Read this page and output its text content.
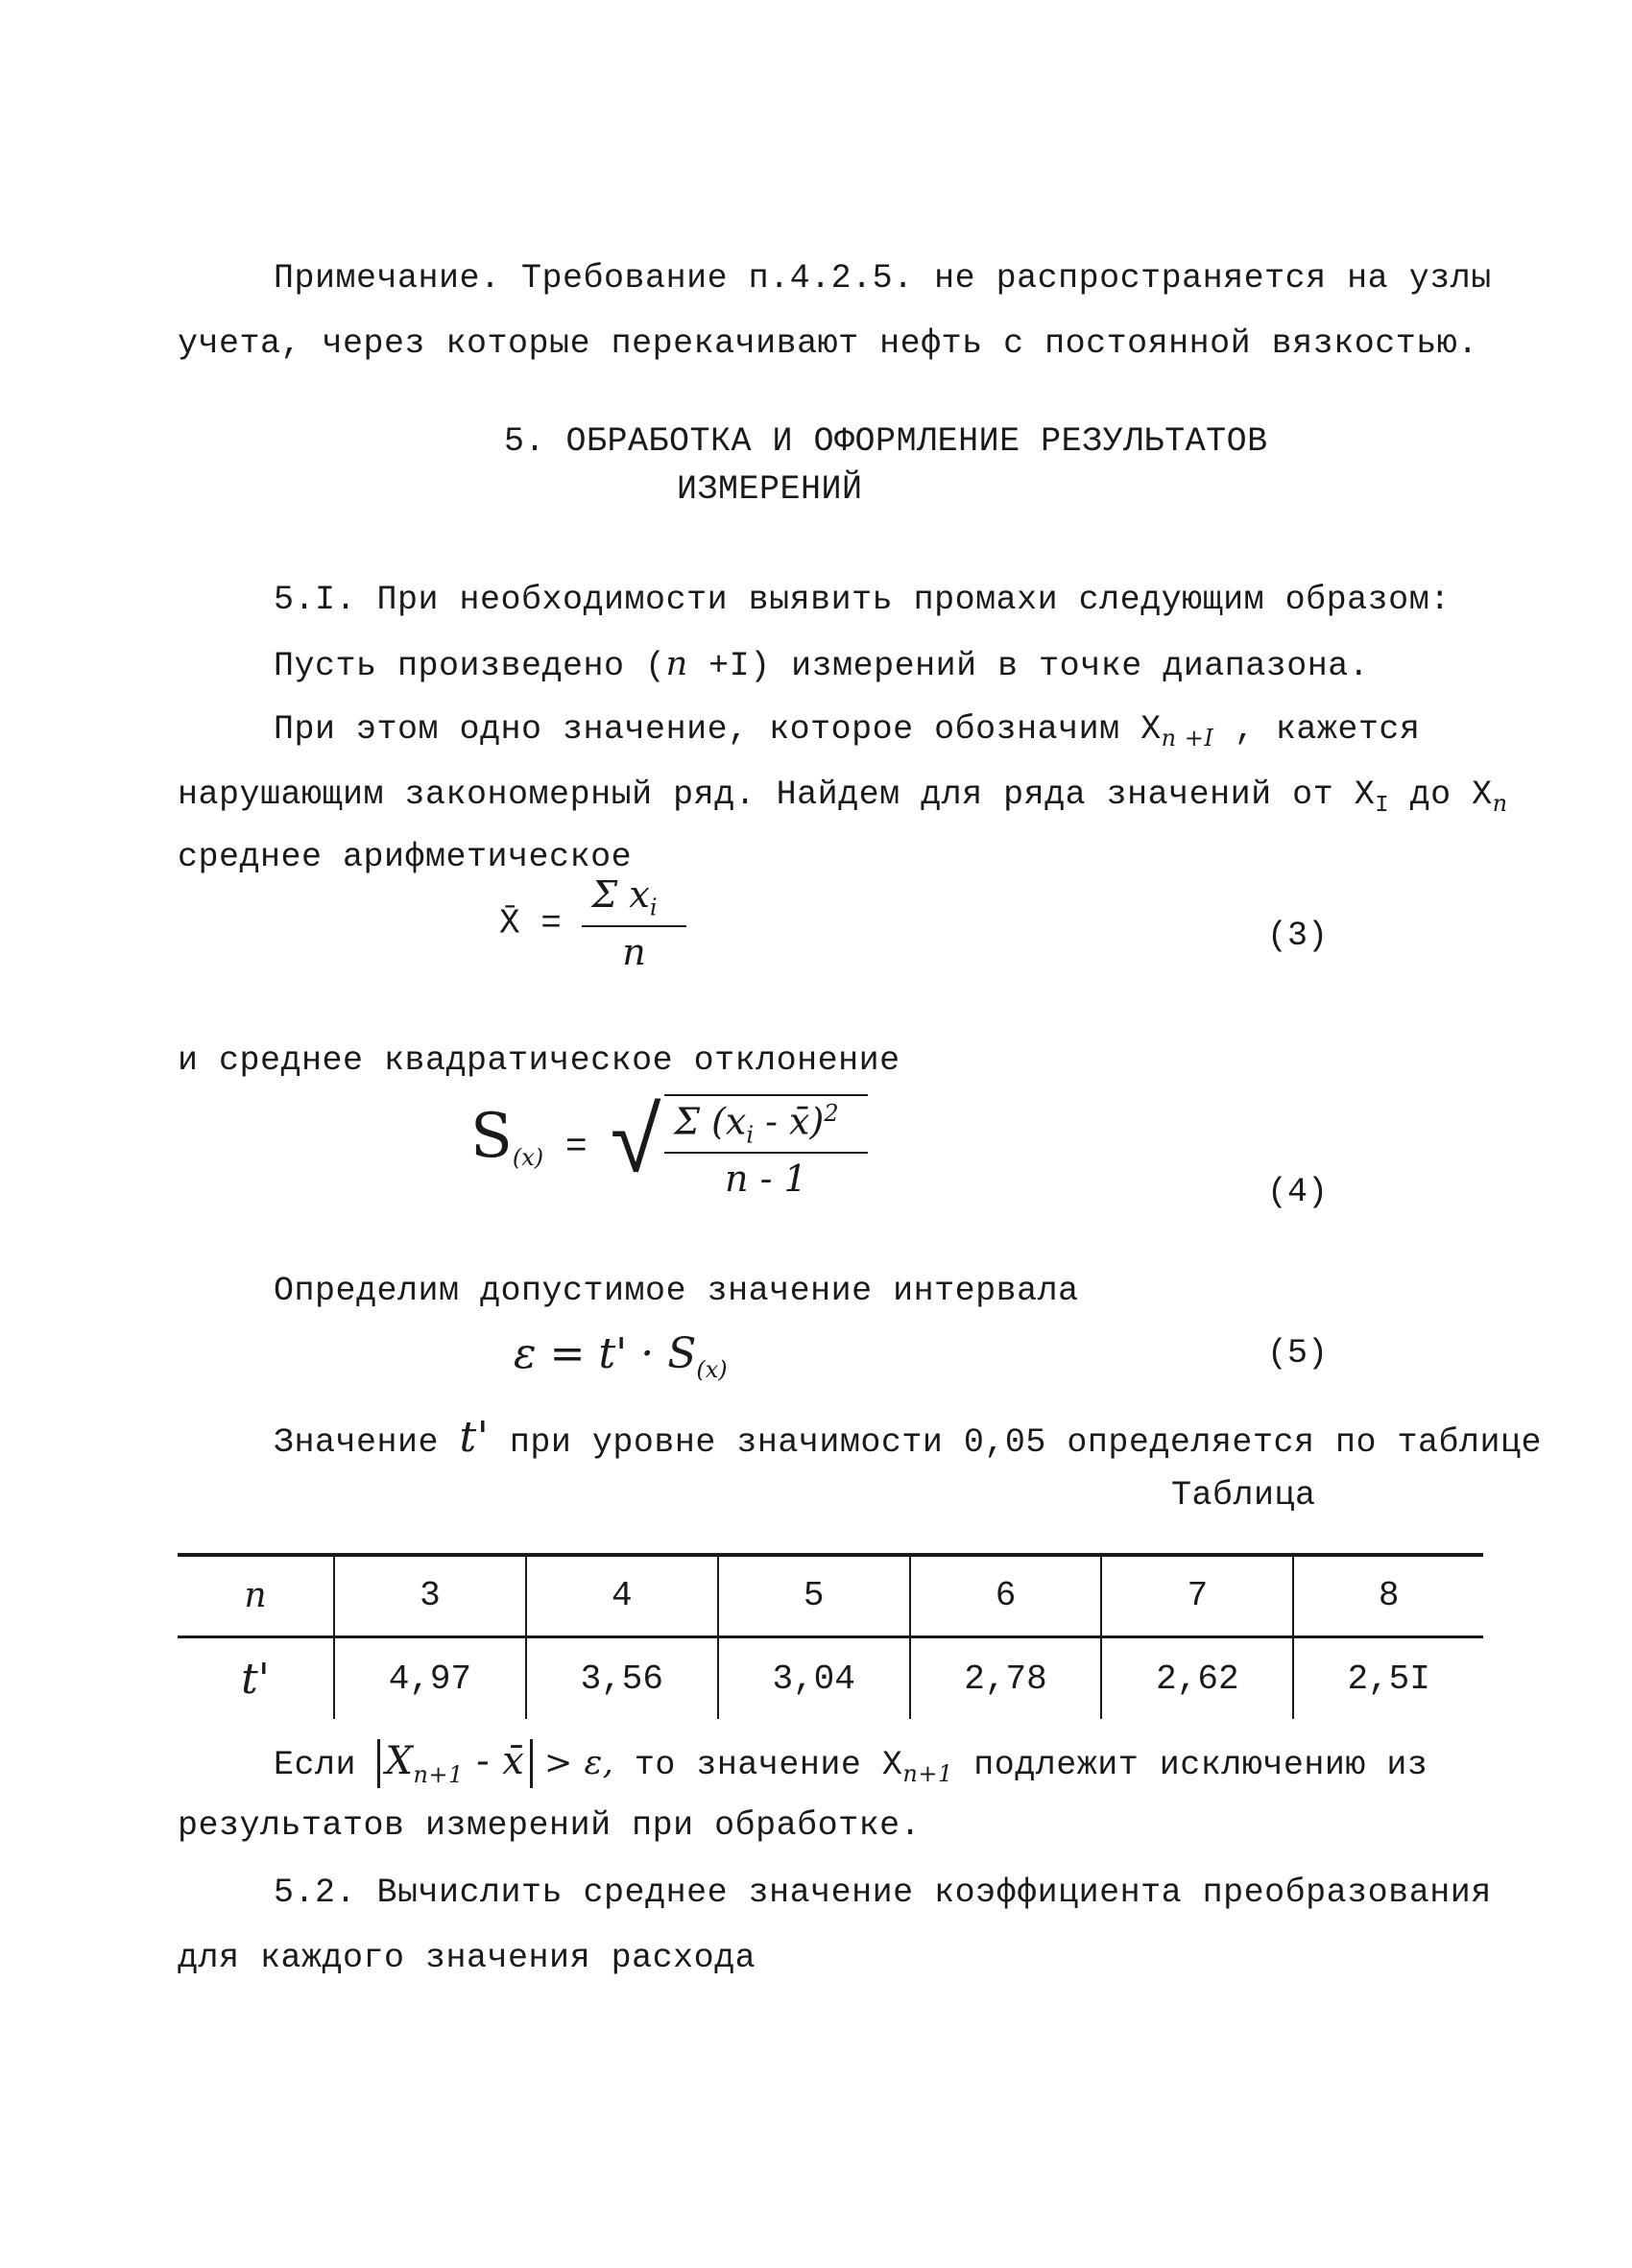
Примечание. Требование п.4.2.5. не распространяется на узлы
учета, через которые перекачивают нефть с постоянной вязкостью.
5. ОБРАБОТКА И ОФОРМЛЕНИЕ РЕЗУЛЬТАТОВ
ИЗМЕРЕНИЙ
5.I. При необходимости выявить промахи следующим образом:
Пусть произведено (n +I) измерений в точке диапазона.
При этом одно значение, которое обозначим $X_{n +I}$ , кажется
нарушающим закономерный ряд. Найдем для ряда значений от $X_I$ до $X_n$
среднее арифметическое
X̄ = $\frac{\Sigma x_i}{n}$	(3)
и среднее квадратическое отклонение
$S_{(x)}$ = √ $\frac{\Sigma (x_i - x̄)^2}{n - 1}$	(4)
Определим допустимое значение интервала
$\varepsilon = t' \cdot S_{(x)}$	(5)
Значение t' при уровне значимости 0,05 определяется по таблице
Таблица
n	3	4	5	6	7	8
t'	4,97	3,56	3,04	2,78	2,62	2,5I
Если $X_{n+1}$ - x̄ > ε, то значение $X_{n+1}$ подлежит исключению из
результатов измерений при обработке.
5.2. Вычислить среднее значение коэффициента преобразования
для каждого значения расхода
